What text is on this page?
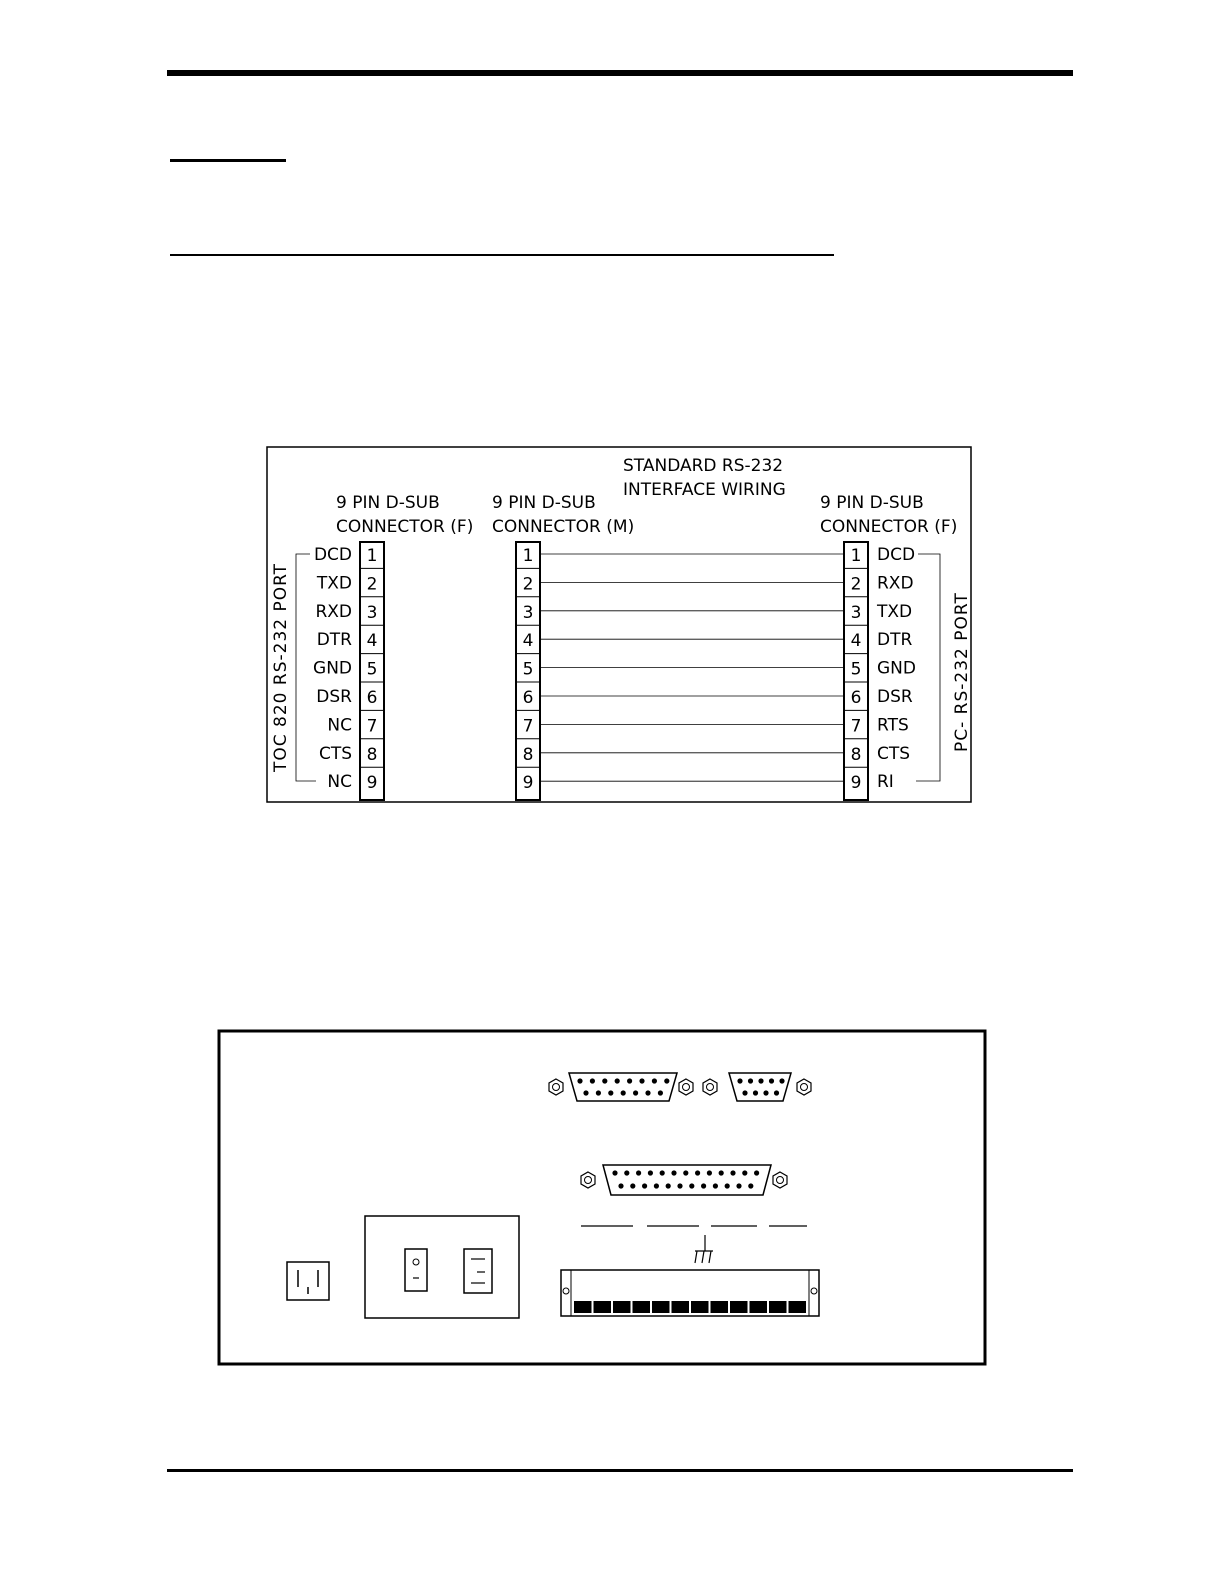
STANDARD RS-232
INTERFACE WIRING
9 PIN D-SUB
CONNECTOR (F)
9 PIN D-SUB
CONNECTOR (M)
9 PIN D-SUB
CONNECTOR (F)
TOC 820 RS-232 PORT	PC- RS-232 PORT
DCD 1	1	1 DCD
TXD 2	2	2 RXD
RXD 3	3	3 TXD
DTR 4	4	4 DTR
GND 5	5	5 GND
DSR 6	6	6 DSR
NC 7	7	7 RTS
CTS 8	8	8 CTS
NC 9	9	9 RI
